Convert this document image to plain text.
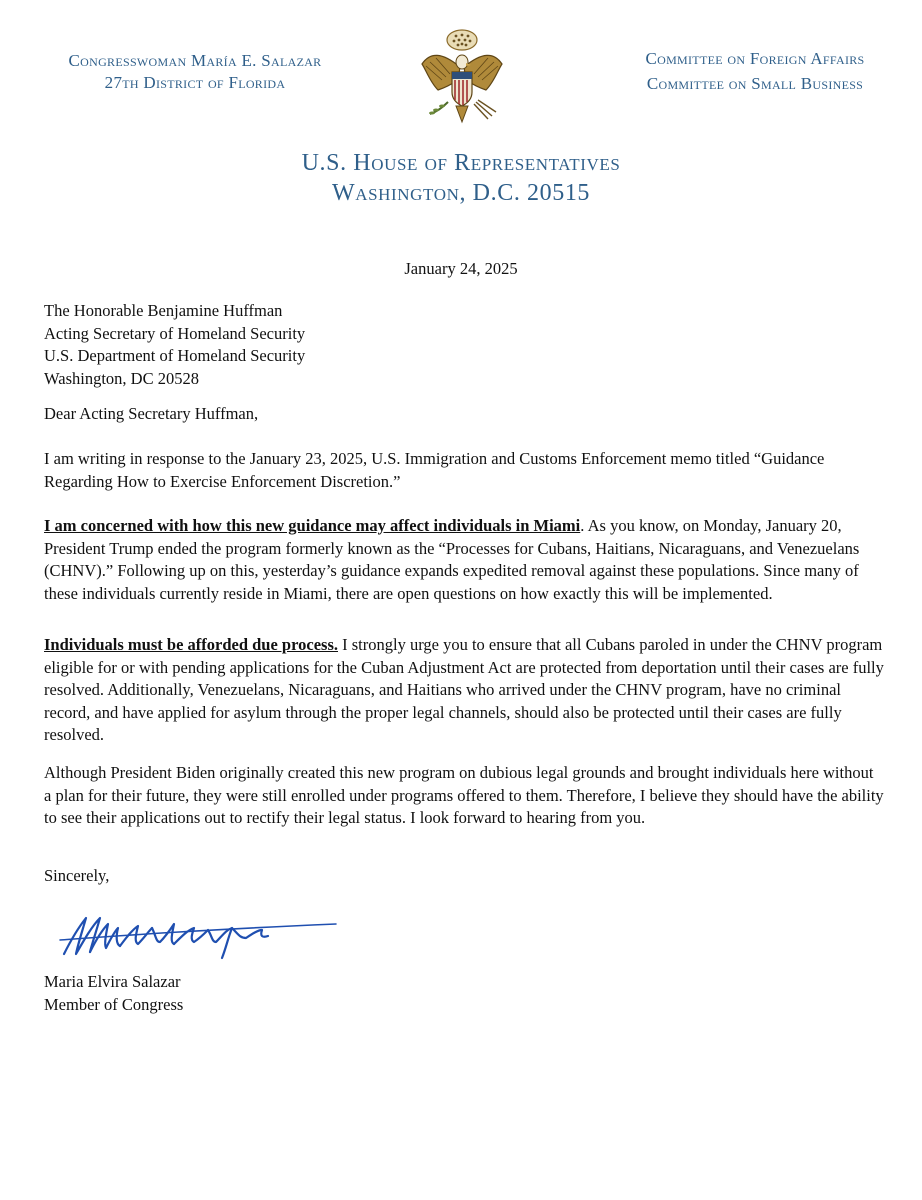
Congresswoman María E. Salazar
27th District of Florida
Committee on Foreign Affairs
Committee on Small Business
U.S. House of Representatives
Washington, D.C. 20515
January 24, 2025
The Honorable Benjamine Huffman
Acting Secretary of Homeland Security
U.S. Department of Homeland Security
Washington, DC 20528
Dear Acting Secretary Huffman,
I am writing in response to the January 23, 2025, U.S. Immigration and Customs Enforcement memo titled “Guidance Regarding How to Exercise Enforcement Discretion.”
I am concerned with how this new guidance may affect individuals in Miami. As you know, on Monday, January 20, President Trump ended the program formerly known as the “Processes for Cubans, Haitians, Nicaraguans, and Venezuelans (CHNV).” Following up on this, yesterday’s guidance expands expedited removal against these populations. Since many of these individuals currently reside in Miami, there are open questions on how exactly this will be implemented.
Individuals must be afforded due process. I strongly urge you to ensure that all Cubans paroled in under the CHNV program eligible for or with pending applications for the Cuban Adjustment Act are protected from deportation until their cases are fully resolved. Additionally, Venezuelans, Nicaraguans, and Haitians who arrived under the CHNV program, have no criminal record, and have applied for asylum through the proper legal channels, should also be protected until their cases are fully resolved.
Although President Biden originally created this new program on dubious legal grounds and brought individuals here without a plan for their future, they were still enrolled under programs offered to them. Therefore, I believe they should have the ability to see their applications out to rectify their legal status. I look forward to hearing from you.
Sincerely,
Maria Elvira Salazar
Member of Congress
